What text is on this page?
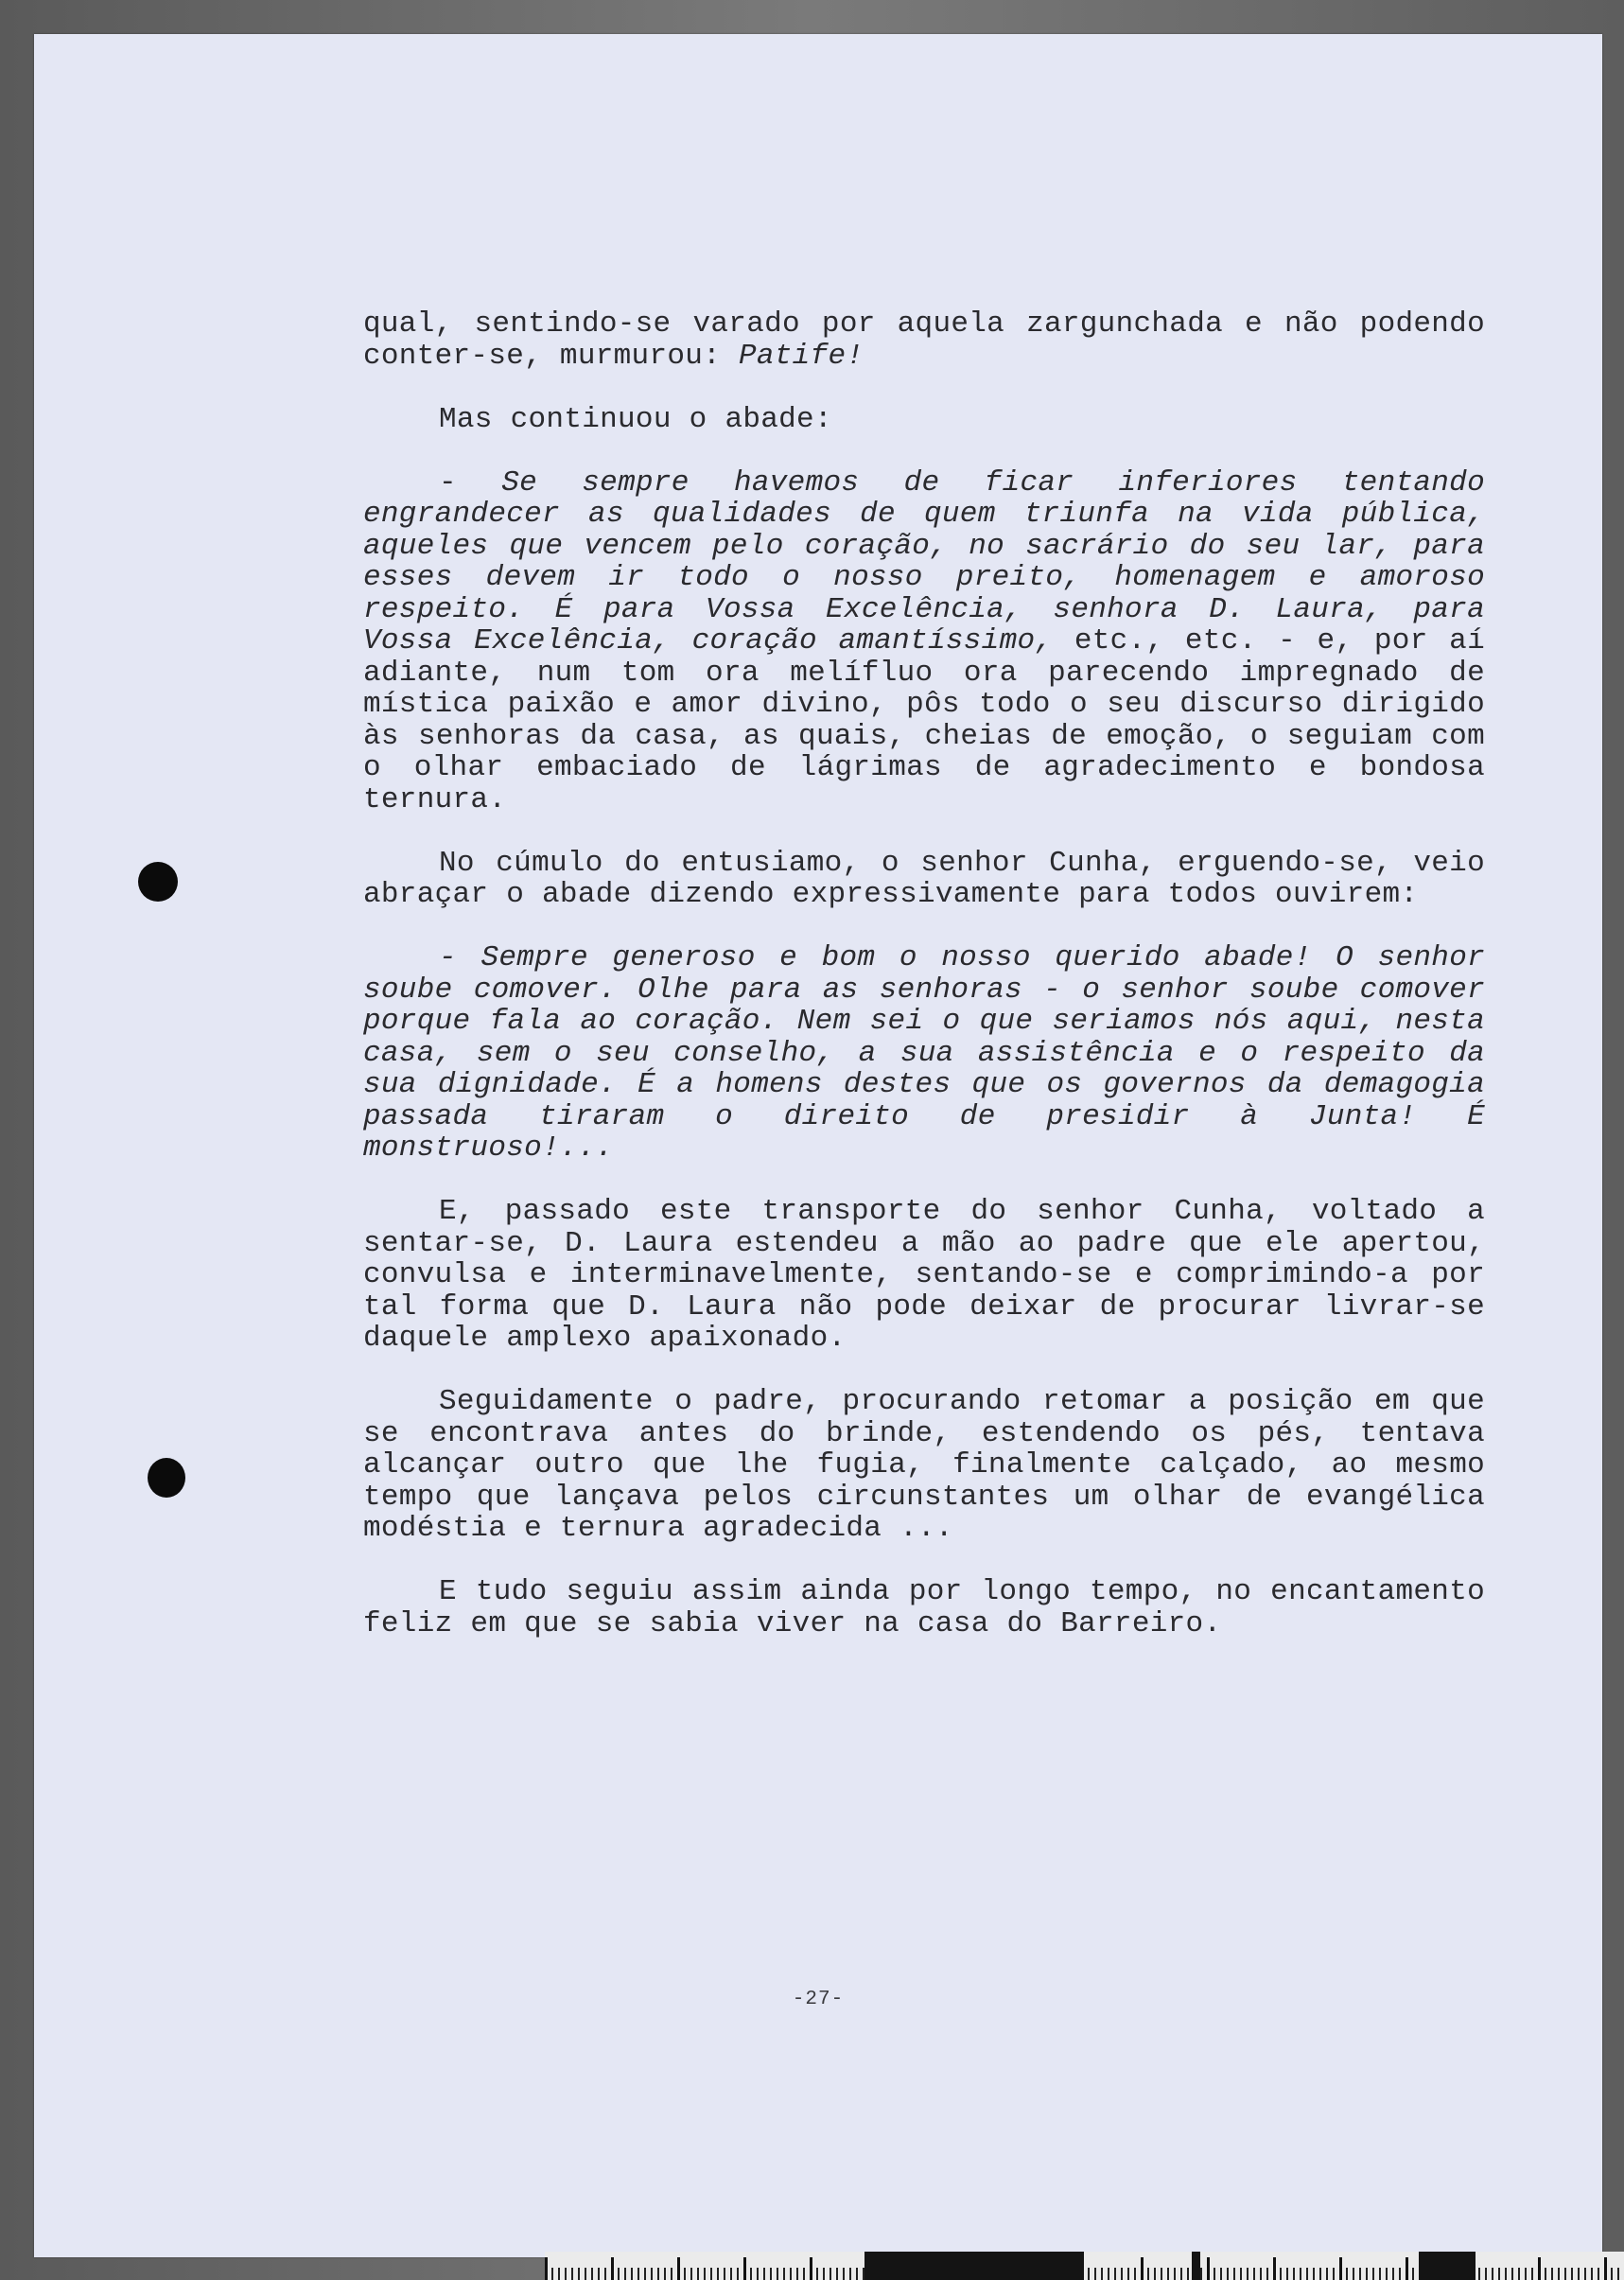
qual, sentindo-se varado por aquela zargunchada e não podendo conter-se, murmurou: Patife!

Mas continuou o abade:

- Se sempre havemos de ficar inferiores tentando engrandecer as qualidades de quem triunfa na vida pública, aqueles que vencem pelo coração, no sacrário do seu lar, para esses devem ir todo o nosso preito, homenagem e amoroso respeito. É para Vossa Excelência, senhora D. Laura, para Vossa Excelência, coração amantíssimo, etc., etc. - e, por aí adiante, num tom ora melífluo ora parecendo impregnado de mística paixão e amor divino, pôs todo o seu discurso dirigido às senhoras da casa, as quais, cheias de emoção, o seguiam com o olhar embaciado de lágrimas de agradecimento e bondosa ternura.

No cúmulo do entusiamo, o senhor Cunha, erguendo-se, veio abraçar o abade dizendo expressivamente para todos ouvirem:

- Sempre generoso e bom o nosso querido abade! O senhor soube comover. Olhe para as senhoras - o senhor soube comover porque fala ao coração. Nem sei o que seriamos nós aqui, nesta casa, sem o seu conselho, a sua assistência e o respeito da sua dignidade. É a homens destes que os governos da demagogia passada tiraram o direito de presidir à Junta! É monstruoso!...

E, passado este transporte do senhor Cunha, voltado a sentar-se, D. Laura estendeu a mão ao padre que ele apertou, convulsa e interminavelmente, sentando-se e comprimindo-a por tal forma que D. Laura não pode deixar de procurar livrar-se daquele amplexo apaixonado.

Seguidamente o padre, procurando retomar a posição em que se encontrava antes do brinde, estendendo os pés, tentava alcançar outro que lhe fugia, finalmente calçado, ao mesmo tempo que lançava pelos circunstantes um olhar de evangélica modéstia e ternura agradecida ...

E tudo seguiu assim ainda por longo tempo, no encantamento feliz em que se sabia viver na casa do Barreiro.

-27-
